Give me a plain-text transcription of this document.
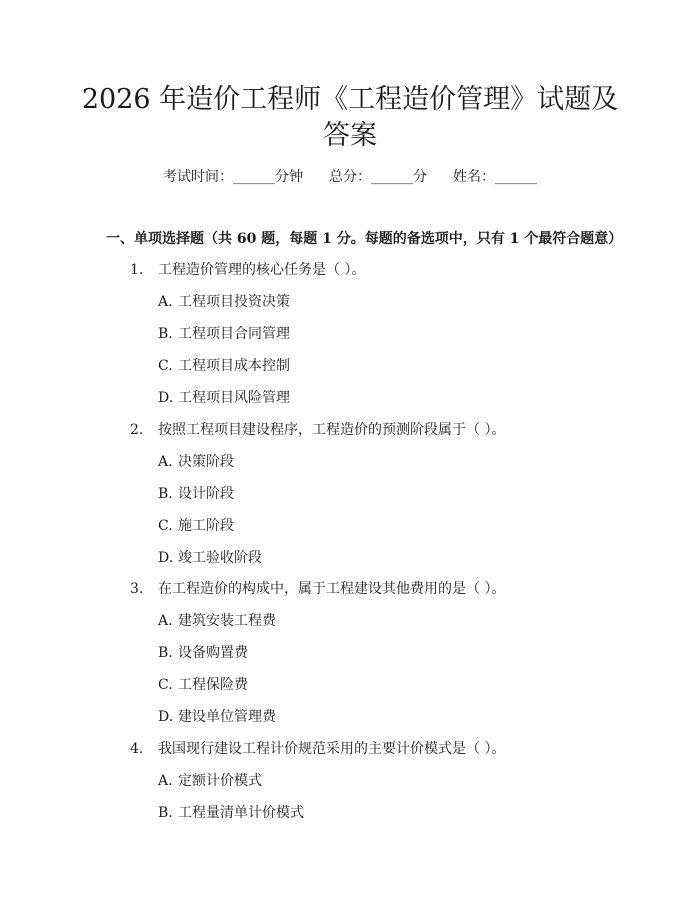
2026 年造价工程师《工程造价管理》试题及
答案
考试时间：______分钟 总分：______分 姓名：______
一、单项选择题（共 60 题，每题 1 分。每题的备选项中，只有 1 个最符合题意）
1. 工程造价管理的核心任务是（ ）。
A. 工程项目投资决策
B. 工程项目合同管理
C. 工程项目成本控制
D. 工程项目风险管理
2. 按照工程项目建设程序，工程造价的预测阶段属于（ ）。
A. 决策阶段
B. 设计阶段
C. 施工阶段
D. 竣工验收阶段
3. 在工程造价的构成中，属于工程建设其他费用的是（ ）。
A. 建筑安装工程费
B. 设备购置费
C. 工程保险费
D. 建设单位管理费
4. 我国现行建设工程计价规范采用的主要计价模式是（ ）。
A. 定额计价模式
B. 工程量清单计价模式
